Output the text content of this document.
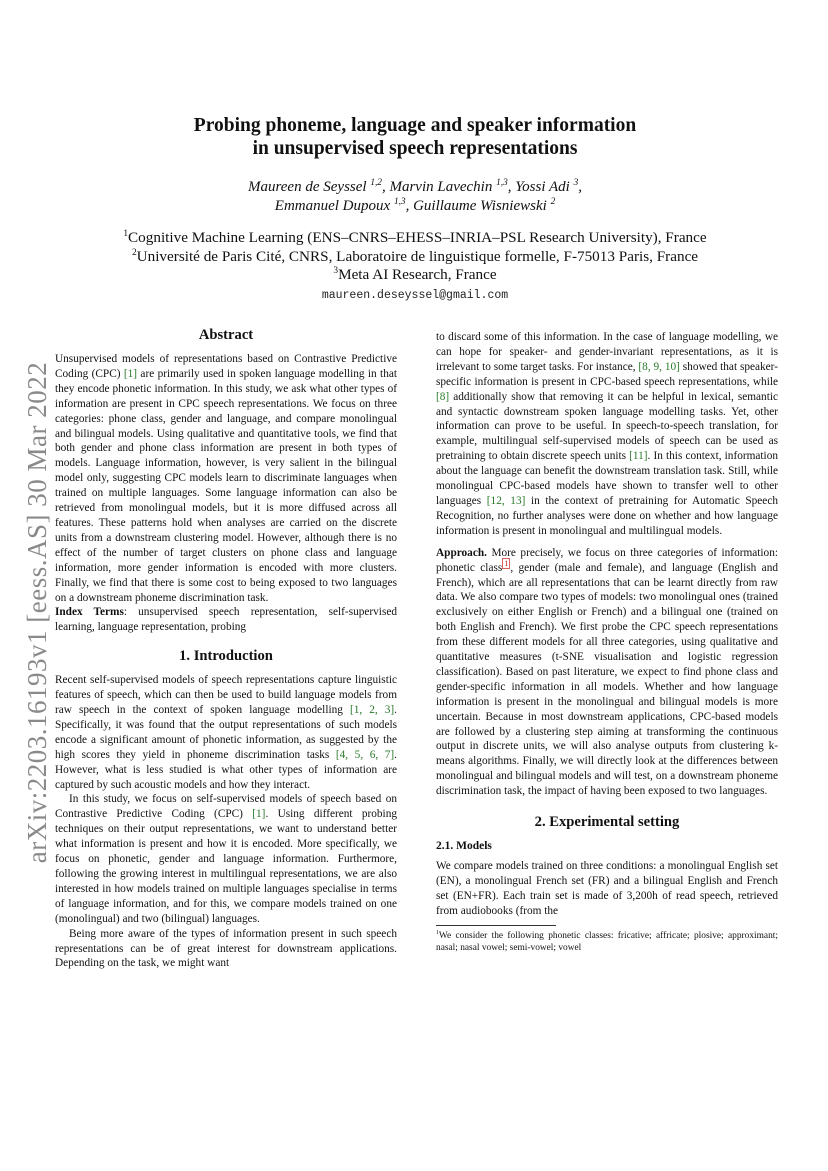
arXiv:2203.16193v1 [eess.AS] 30 Mar 2022
Probing phoneme, language and speaker information
in unsupervised speech representations
Maureen de Seyssel $^{1,2}$, Marvin Lavechin $^{1,3}$, Yossi Adi $^3$,
Emmanuel Dupoux $^{1,3}$, Guillaume Wisniewski $^2$
$^1$Cognitive Machine Learning (ENS–CNRS–EHESS–INRIA–PSL Research University), France
$^2$Université de Paris Cité, CNRS, Laboratoire de linguistique formelle, F-75013 Paris, France
$^3$Meta AI Research, France
maureen.deseyssel@gmail.com
Abstract

Unsupervised models of representations based on Contrastive Predictive Coding (CPC) [1] are primarily used in spoken language modelling in that they encode phonetic information. In this study, we ask what other types of information are present in CPC speech representations. We focus on three categories: phone class, gender and language, and compare monolingual and bilingual models. Using qualitative and quantitative tools, we find that both gender and phone class information are present in both types of models. Language information, however, is very salient in the bilingual model only, suggesting CPC models learn to discriminate languages when trained on multiple languages. Some language information can also be retrieved from monolingual models, but it is more diffused across all features. These patterns hold when analyses are carried on the discrete units from a downstream clustering model. However, although there is no effect of the number of target clusters on phone class and language information, more gender information is encoded with more clusters. Finally, we find that there is some cost to being exposed to two languages on a downstream phoneme discrimination task.

Index Terms: unsupervised speech representation, self-supervised learning, language representation, probing

1. Introduction

Recent self-supervised models of speech representations capture linguistic features of speech, which can then be used to build language models from raw speech in the context of spoken language modelling [1, 2, 3]. Specifically, it was found that the output representations of such models encode a significant amount of phonetic information, as suggested by the high scores they yield in phoneme discrimination tasks [4, 5, 6, 7]. However, what is less studied is what other types of information are captured by such acoustic models and how they interact.

In this study, we focus on self-supervised models of speech based on Contrastive Predictive Coding (CPC) [1]. Using different probing techniques on their output representations, we want to understand better what information is present and how it is encoded. More specifically, we focus on phonetic, gender and language information. Furthermore, following the growing interest in multilingual representations, we are also interested in how models trained on multiple languages specialise in terms of language information, and for this, we compare models trained on one (monolingual) and two (bilingual) languages.

Being more aware of the types of information present in such speech representations can be of great interest for downstream applications. Depending on the task, we might want

to discard some of this information. In the case of language modelling, we can hope for speaker- and gender-invariant representations, as it is irrelevant to some target tasks. For instance, [8, 9, 10] showed that speaker-specific information is present in CPC-based speech representations, while [8] additionally show that removing it can be helpful in lexical, semantic and syntactic downstream spoken language modelling tasks. Yet, other information can prove to be useful. In speech-to-speech translation, for example, multilingual self-supervised models of speech can be used as pretraining to obtain discrete speech units [11]. In this context, information about the language can benefit the downstream translation task. Still, while monolingual CPC-based models have shown to transfer well to other languages [12, 13] in the context of pretraining for Automatic Speech Recognition, no further analyses were done on whether and how language information is present in monolingual and multilingual models.

Approach. More precisely, we focus on three categories of information: phonetic class $^1$ , gender (male and female), and language (English and French), which are all representations that can be learnt directly from raw data. We also compare two types of models: two monolingual ones (trained exclusively on either English or French) and a bilingual one (trained on both English and French). We first probe the CPC speech representations from these different models for all three categories, using qualitative and quantitative measures (t-SNE visualisation and logistic regression classification). Based on past literature, we expect to find phone class and gender-specific information in all models. Whether and how language information is present in the monolingual and bilingual models is more uncertain. Because in most downstream applications, CPC-based models are followed by a clustering step aiming at transforming the continuous output in discrete units, we will also analyse outputs from clustering k-means algorithms. Finally, we will directly look at the differences between monolingual and bilingual models and will test, on a downstream phoneme discrimination task, the impact of having been exposed to two languages.

2. Experimental setting
2.1. Models

We compare models trained on three conditions: a monolingual English set (EN), a monolingual French set (FR) and a bilingual English and French set (EN+FR). Each train set is made of 3,200h of read speech, retrieved from audiobooks (from the

$^1$We consider the following phonetic classes: fricative; affricate; plosive; approximant; nasal; nasal vowel; semi-vowel; vowel
